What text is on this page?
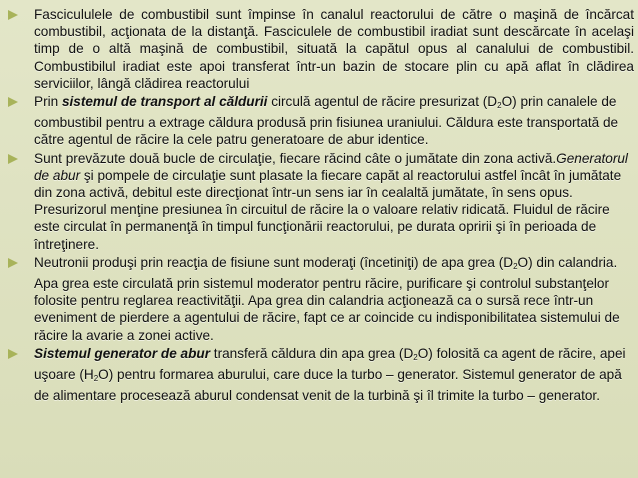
Fascicululele de combustibil sunt împinse în canalul reactorului de către o maşină de încărcat combustibil, acţionata de la distanţă. Fasciculele de combustibil iradiat sunt descărcate în acelaşi timp de o altă maşină de combustibil, situată la capătul opus al canalului de combustibil. Combustibilul iradiat este apoi transferat într-un bazin de stocare plin cu apă aflat în clădirea serviciilor, lângă clădirea reactorului
Prin sistemul de transport al căldurii circulă agentul de răcire presurizat $(D_2O)$ prin canalele de combustibil pentru a extrage căldura produsă prin fisiunea uraniului. Căldura este transportată de către agentul de răcire la cele patru generatoare de abur identice.
Sunt prevăzute două bucle de circulaţie, fiecare răcind câte o jumătate din zona activă.Generatorul de abur şi pompele de circulaţie sunt plasate la fiecare capăt al reactorului astfel încât în jumătate din zona activă, debitul este direcţionat într-un sens iar în cealaltă jumătate, în sens opus. Presurizorul menţine presiunea în circuitul de răcire la o valoare relativ ridicată. Fluidul de răcire este circulat în permanenţă în timpul funcţionării reactorului, pe durata opririi şi în perioada de întreţinere.
Neutronii produşi prin reacţia de fisiune sunt moderaţi (încetiniţi) de apa grea $(D_2O)$ din calandria. Apa grea este circulată prin sistemul moderator pentru răcire, purificare şi controlul substanţelor folosite pentru reglarea reactivităţii. Apa grea din calandria acţionează ca o sursă rece într-un eveniment de pierdere a agentului de răcire, fapt ce ar coincide cu indisponibilitatea sistemului de răcire la avarie a zonei active.
Sistemul generator de abur transferă căldura din apa grea $(D_2O)$ folosită ca agent de răcire, apei uşoare $(H_2O)$ pentru formarea aburului, care duce la turbo – generator. Sistemul generator de apă de alimentare procesează aburul condensat venit de la turbină şi îl trimite la turbo – generator.
